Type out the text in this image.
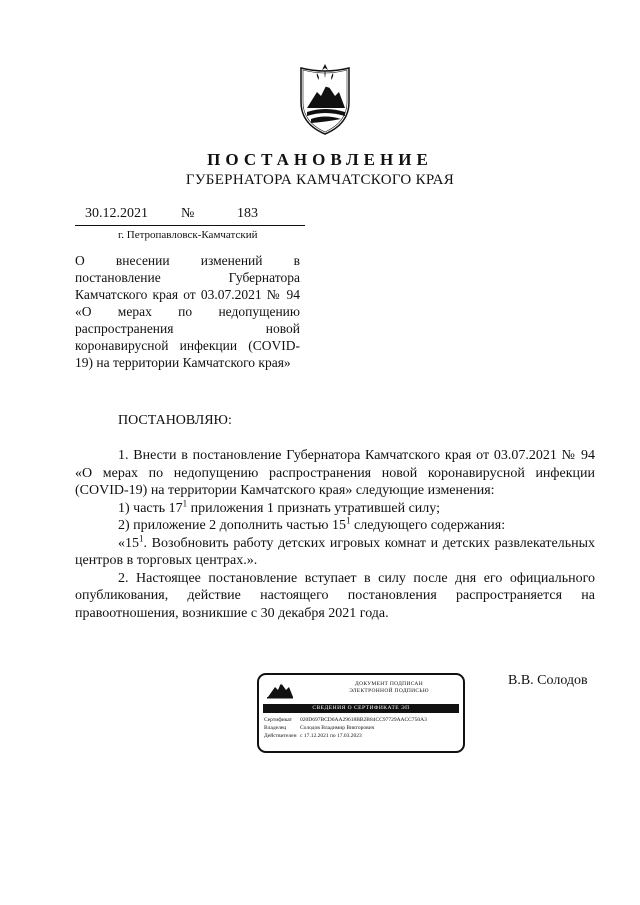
ПОСТАНОВЛЕНИЕ
ГУБЕРНАТОРА КАМЧАТСКОГО КРАЯ
30.12.2021 №	183
г. Петропавловск-Камчатский
О внесении изменений в постановление Губернатора Камчатского края от 03.07.2021 № 94 «О мерах по недопущению распространения новой коронавирусной инфекции (COVID-19) на территории Камчатского края»
ПОСТАНОВЛЯЮ:

1. Внести в постановление Губернатора Камчатского края от 03.07.2021 № 94 «О мерах по недопущению распространения новой коронавирусной инфекции (COVID-19) на территории Камчатского края» следующие изменения:

1) часть $17^1$ приложения 1 признать утратившей силу;

2) приложение 2 дополнить частью $15^1$ следующего содержания:

«$15^1$. Возобновить работу детских игровых комнат и детских развлекательных центров в торговых центрах.».

2. Настоящее постановление вступает в силу после дня его официального опубликования, действие настоящего постановления распространяется на правоотношения, возникшие с 30 декабря 2021 года.

ДОКУМЕНТ ПОДПИСАН
ЭЛЕКТРОННОЙ ПОДПИСЬЮ
СВЕДЕНИЯ О СЕРТИФИКАТЕ ЭП
Сертификат 020D697BCD6AA29618BB2B84CC97729AACC750A3
Владелец	Солодов Владимир Викторович
Действителен с 17.12.2021 по 17.03.2023
В.В. Солодов
